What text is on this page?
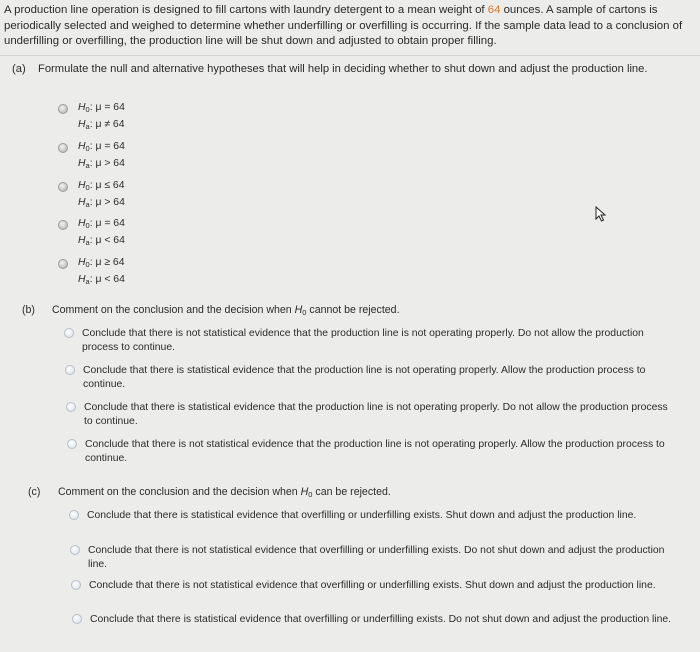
A production line operation is designed to fill cartons with laundry detergent to a mean weight of 64 ounces. A sample of cartons is periodically selected and weighed to determine whether underfilling or overfilling is occurring. If the sample data lead to a conclusion of underfilling or overfilling, the production line will be shut down and adjusted to obtain proper filling.
(a) Formulate the null and alternative hypotheses that will help in deciding whether to shut down and adjust the production line.
$H_0$: μ = 64
$H_a$: μ ≠ 64
$H_0$: μ = 64
$H_a$: μ > 64
$H_0$: μ ≤ 64
$H_a$: μ > 64
$H_0$: μ = 64
$H_a$: μ < 64
$H_0$: μ ≥ 64
$H_a$: μ < 64
(b) Comment on the conclusion and the decision when $H_0$ cannot be rejected.
Conclude that there is not statistical evidence that the production line is not operating properly. Do not allow the production process to continue.
Conclude that there is statistical evidence that the production line is not operating properly. Allow the production process to continue.
Conclude that there is statistical evidence that the production line is not operating properly. Do not allow the production process to continue.
Conclude that there is not statistical evidence that the production line is not operating properly. Allow the production process to continue.
(c) Comment on the conclusion and the decision when $H_0$ can be rejected.
Conclude that there is statistical evidence that overfilling or underfilling exists. Shut down and adjust the production line.
Conclude that there is not statistical evidence that overfilling or underfilling exists. Do not shut down and adjust the production line.
Conclude that there is not statistical evidence that overfilling or underfilling exists. Shut down and adjust the production line.
Conclude that there is statistical evidence that overfilling or underfilling exists. Do not shut down and adjust the production line.
